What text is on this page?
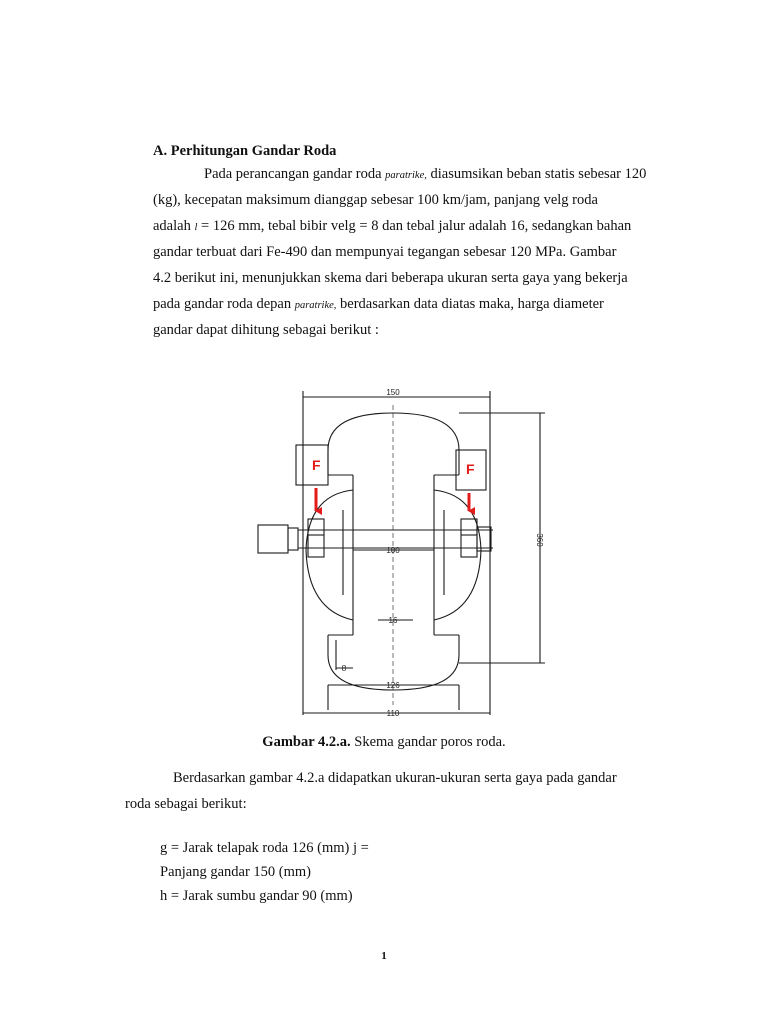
A. Perhitungan Gandar Roda
Pada perancangan gandar roda paratrike, diasumsikan beban statis sebesar 120
(kg), kecepatan maksimum dianggap sebesar 100 km/jam, panjang velg roda
adalah l = 126 mm, tebal bibir velg = 8 dan tebal jalur adalah 16, sedangkan bahan
gandar terbuat dari Fe-490 dan mempunyai tegangan sebesar 120 MPa. Gambar
4.2 berikut ini, menunjukkan skema dari beberapa ukuran serta gaya yang bekerja
pada gandar roda depan paratrike, berdasarkan data diatas maka, harga diameter
gandar dapat dihitung sebagai berikut :
F	F
150
360
100
16
8
126
110
Gambar 4.2.a. Skema gandar poros roda.
Berdasarkan gambar 4.2.a didapatkan ukuran-ukuran serta gaya pada gandar
roda sebagai berikut:
g = Jarak telapak roda 126 (mm) j =
Panjang gandar 150 (mm)
h = Jarak sumbu gandar 90 (mm)
1
